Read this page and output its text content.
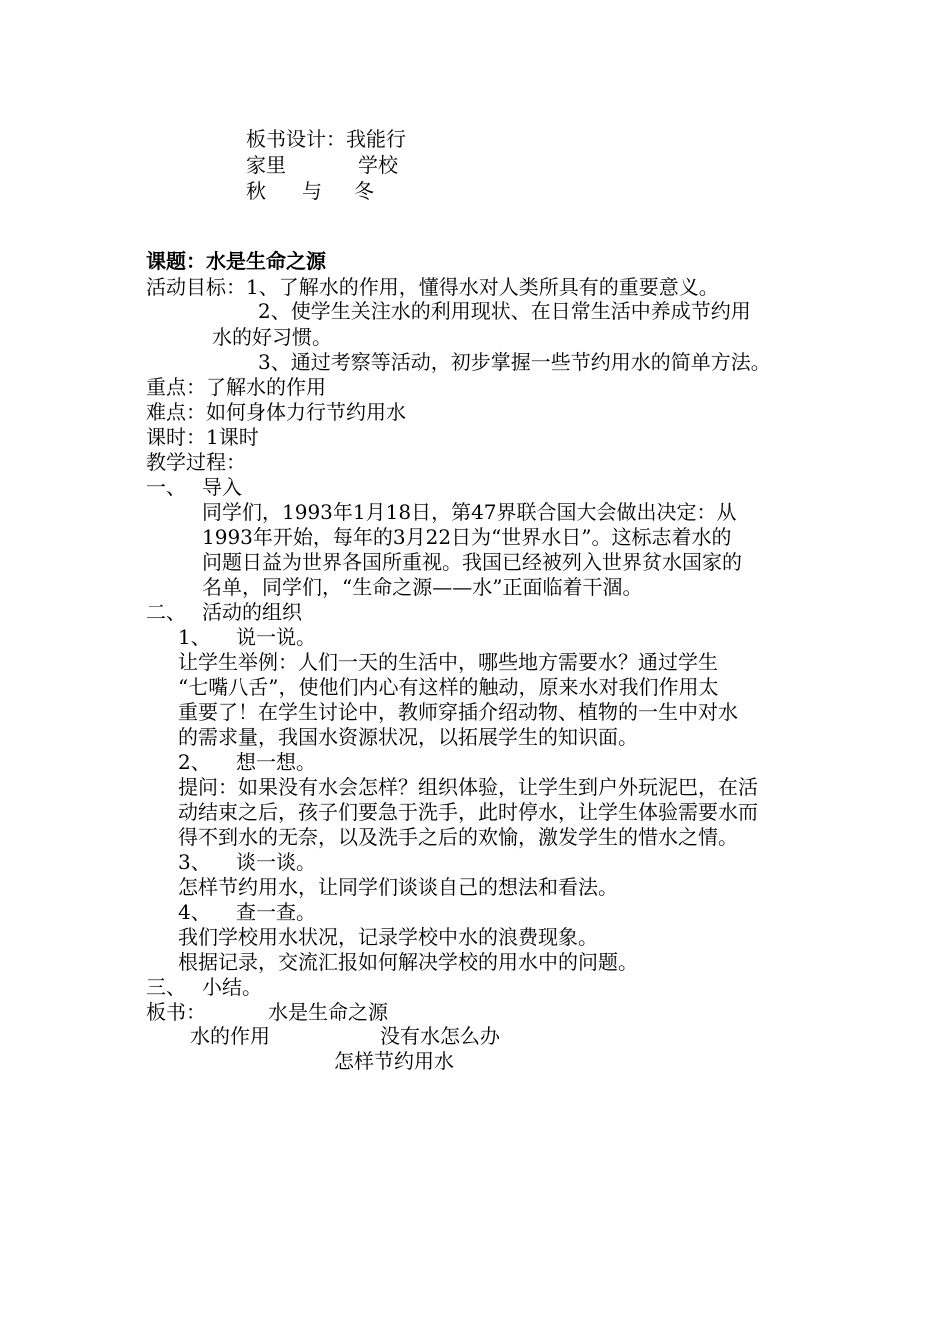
板书设计：我能行
家里	学校
秋 与 冬
课题：水是生命之源
活动目标：1、了解水的作用，懂得水对人类所具有的重要意义。
2、使学生关注水的利用现状、在日常生活中养成节约用
水的好习惯。
3、通过考察等活动，初步掌握一些节约用水的简单方法。
重点：了解水的作用
难点：如何身体力行节约用水
课时：1课时
教学过程：
一、 导入
同学们，1993年1月18日，第47界联合国大会做出决定：从
1993年开始，每年的3月22日为“世界水日”。这标志着水的
问题日益为世界各国所重视。我国已经被列入世界贫水国家的
名单，同学们，“生命之源——水”正面临着干涸。
二、 活动的组织
1、 说一说。
让学生举例：人们一天的生活中，哪些地方需要水？通过学生
“七嘴八舌”，使他们内心有这样的触动，原来水对我们作用太
重要了！在学生讨论中，教师穿插介绍动物、植物的一生中对水
的需求量，我国水资源状况，以拓展学生的知识面。
2、 想一想。
提问：如果没有水会怎样？组织体验，让学生到户外玩泥巴，在活
动结束之后，孩子们要急于洗手，此时停水，让学生体验需要水而
得不到水的无奈，以及洗手之后的欢愉，激发学生的惜水之情。
3、 谈一谈。
怎样节约用水，让同学们谈谈自己的想法和看法。
4、 查一查。
我们学校用水状况，记录学校中水的浪费现象。
根据记录，交流汇报如何解决学校的用水中的问题。
三、 小结。
板书：	水是生命之源
水的作用	没有水怎么办
怎样节约用水
